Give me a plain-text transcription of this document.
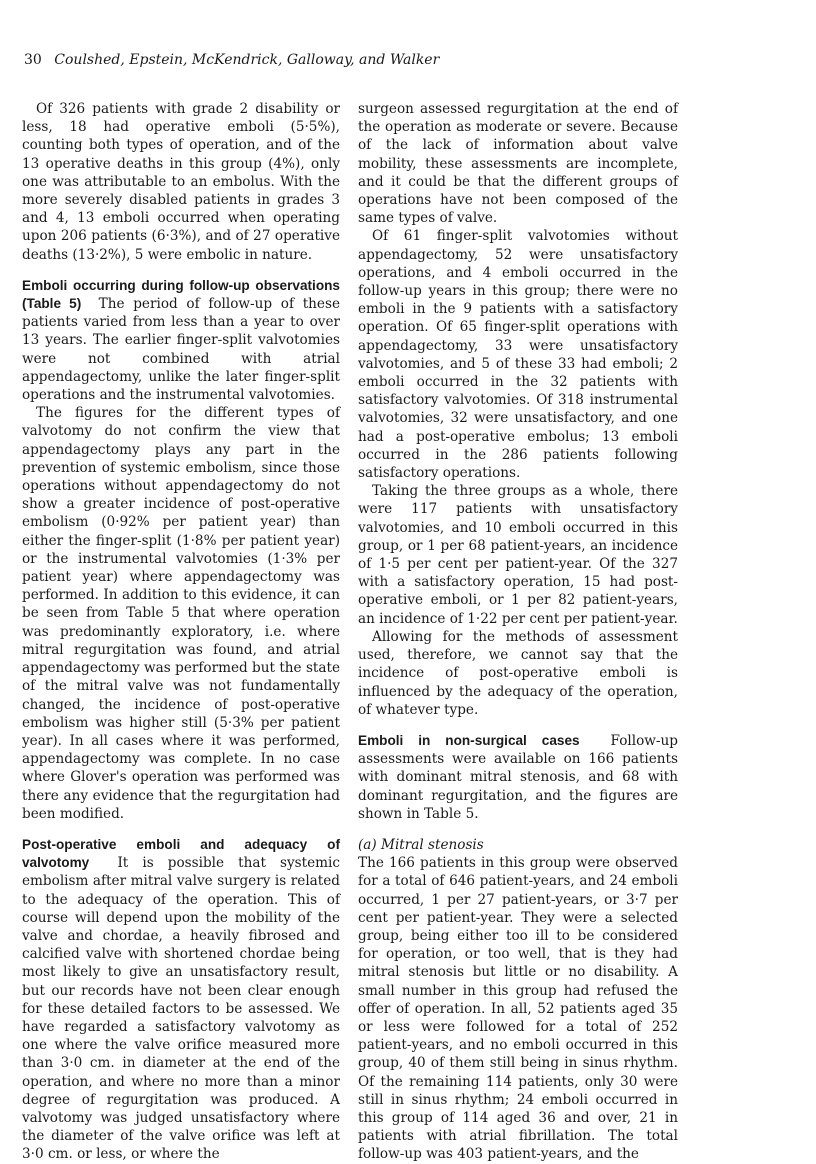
30 Coulshed, Epstein, McKendrick, Galloway, and Walker

Of 326 patients with grade 2 disability or less, 18 had operative emboli (5·5%), counting both types of operation, and of the 13 operative deaths in this group (4%), only one was attributable to an embolus. With the more severely disabled patients in grades 3 and 4, 13 emboli occurred when operating upon 206 patients (6·3%), and of 27 operative deaths (13·2%), 5 were embolic in nature.

Emboli occurring during follow-up observations (Table 5) The period of follow-up of these patients varied from less than a year to over 13 years. The earlier finger-split valvotomies were not combined with atrial appendagectomy, unlike the later finger-split operations and the instrumental valvotomies.

The figures for the different types of valvotomy do not confirm the view that appendagectomy plays any part in the prevention of systemic embolism, since those operations without appendagectomy do not show a greater incidence of post-operative embolism (0·92% per patient year) than either the finger-split (1·8% per patient year) or the instrumental valvotomies (1·3% per patient year) where appendagectomy was performed. In addition to this evidence, it can be seen from Table 5 that where operation was predominantly exploratory, i.e. where mitral regurgitation was found, and atrial appendagectomy was performed but the state of the mitral valve was not fundamentally changed, the incidence of post-operative embolism was higher still (5·3% per patient year). In all cases where it was performed, appendagectomy was complete. In no case where Glover's operation was performed was there any evidence that the regurgitation had been modified.

Post-operative emboli and adequacy of valvotomy It is possible that systemic embolism after mitral valve surgery is related to the adequacy of the operation. This of course will depend upon the mobility of the valve and chordae, a heavily fibrosed and calcified valve with shortened chordae being most likely to give an unsatisfactory result, but our records have not been clear enough for these detailed factors to be assessed. We have regarded a satisfactory valvotomy as one where the valve orifice measured more than 3·0 cm. in diameter at the end of the operation, and where no more than a minor degree of regurgitation was produced. A valvotomy was judged unsatisfactory where the diameter of the valve orifice was left at 3·0 cm. or less, or where the

surgeon assessed regurgitation at the end of the operation as moderate or severe. Because of the lack of information about valve mobility, these assessments are incomplete, and it could be that the different groups of operations have not been composed of the same types of valve.

Of 61 finger-split valvotomies without appendagectomy, 52 were unsatisfactory operations, and 4 emboli occurred in the follow-up years in this group; there were no emboli in the 9 patients with a satisfactory operation. Of 65 finger-split operations with appendagectomy, 33 were unsatisfactory valvotomies, and 5 of these 33 had emboli; 2 emboli occurred in the 32 patients with satisfactory valvotomies. Of 318 instrumental valvotomies, 32 were unsatisfactory, and one had a post-operative embolus; 13 emboli occurred in the 286 patients following satisfactory operations.

Taking the three groups as a whole, there were 117 patients with unsatisfactory valvotomies, and 10 emboli occurred in this group, or 1 per 68 patient-years, an incidence of 1·5 per cent per patient-year. Of the 327 with a satisfactory operation, 15 had post-operative emboli, or 1 per 82 patient-years, an incidence of 1·22 per cent per patient-year.

Allowing for the methods of assessment used, therefore, we cannot say that the incidence of post-operative emboli is influenced by the adequacy of the operation, of whatever type.

Emboli in non-surgical cases Follow-up assessments were available on 166 patients with dominant mitral stenosis, and 68 with dominant regurgitation, and the figures are shown in Table 5.

(a) Mitral stenosis

The 166 patients in this group were observed for a total of 646 patient-years, and 24 emboli occurred, 1 per 27 patient-years, or 3·7 per cent per patient-year. They were a selected group, being either too ill to be considered for operation, or too well, that is they had mitral stenosis but little or no disability. A small number in this group had refused the offer of operation. In all, 52 patients aged 35 or less were followed for a total of 252 patient-years, and no emboli occurred in this group, 40 of them still being in sinus rhythm. Of the remaining 114 patients, only 30 were still in sinus rhythm; 24 emboli occurred in this group of 114 aged 36 and over, 21 in patients with atrial fibrillation. The total follow-up was 403 patient-years, and the
